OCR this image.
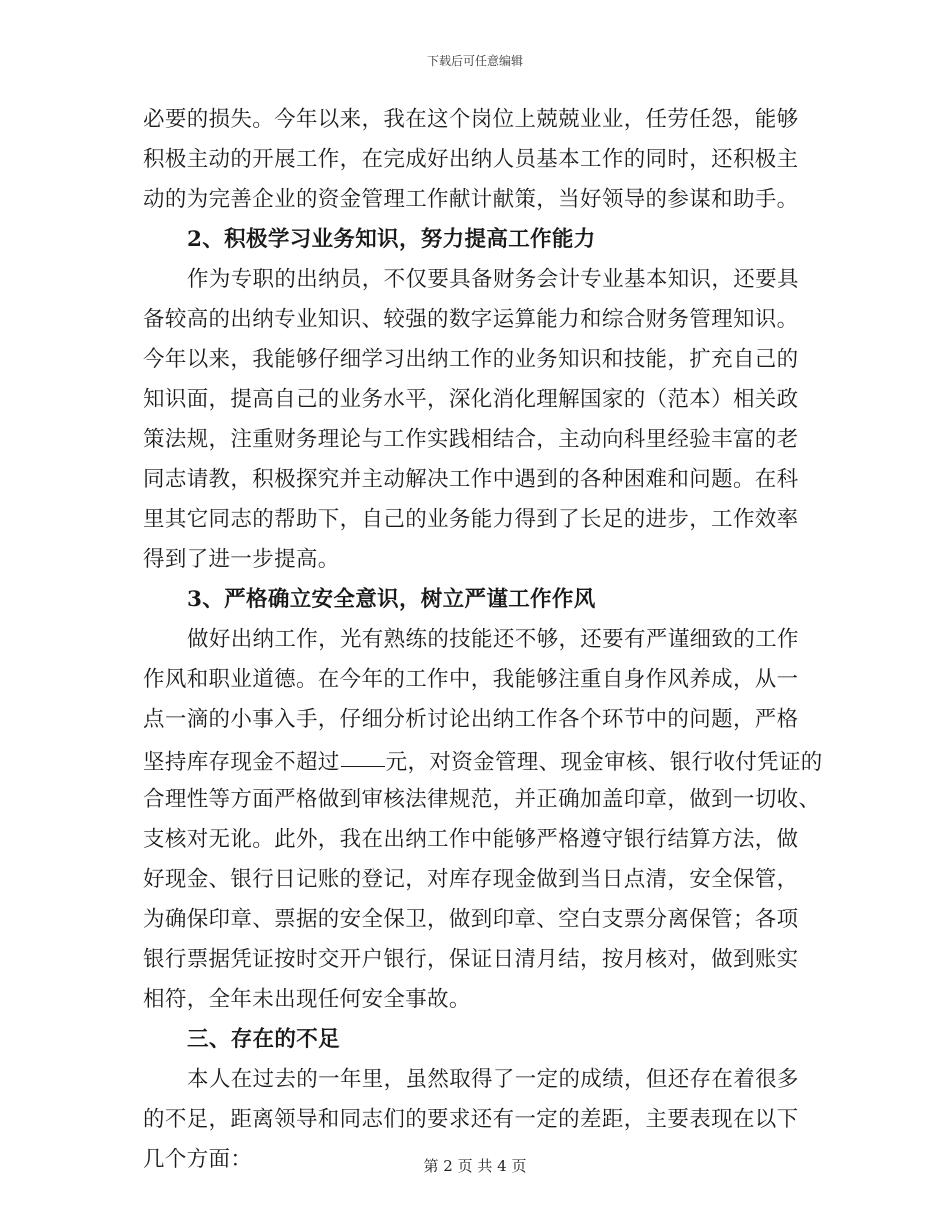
下载后可任意编辑
必要的损失。今年以来，我在这个岗位上兢兢业业，任劳任怨，能够
积极主动的开展工作，在完成好出纳人员基本工作的同时，还积极主
动的为完善企业的资金管理工作献计献策，当好领导的参谋和助手。
2、积极学习业务知识，努力提高工作能力
作为专职的出纳员，不仅要具备财务会计专业基本知识，还要具
备较高的出纳专业知识、较强的数字运算能力和综合财务管理知识。
今年以来，我能够仔细学习出纳工作的业务知识和技能，扩充自己的
知识面，提高自己的业务水平，深化消化理解国家的（范本）相关政
策法规，注重财务理论与工作实践相结合，主动向科里经验丰富的老
同志请教，积极探究并主动解决工作中遇到的各种困难和问题。在科
里其它同志的帮助下，自己的业务能力得到了长足的进步，工作效率
得到了进一步提高。
3、严格确立安全意识，树立严谨工作作风
做好出纳工作，光有熟练的技能还不够，还要有严谨细致的工作
作风和职业道德。在今年的工作中，我能够注重自身作风养成，从一
点一滴的小事入手，仔细分析讨论出纳工作各个环节中的问题，严格
坚持库存现金不超过 元，对资金管理、现金审核、银行收付凭证的
合理性等方面严格做到审核法律规范，并正确加盖印章，做到一切收、
支核对无讹。此外，我在出纳工作中能够严格遵守银行结算方法，做
好现金、银行日记账的登记，对库存现金做到当日点清，安全保管，
为确保印章、票据的安全保卫，做到印章、空白支票分离保管；各项
银行票据凭证按时交开户银行，保证日清月结，按月核对，做到账实
相符，全年未出现任何安全事故。
三、存在的不足
本人在过去的一年里，虽然取得了一定的成绩，但还存在着很多
的不足，距离领导和同志们的要求还有一定的差距，主要表现在以下
几个方面：	第 2 页 共 4 页
